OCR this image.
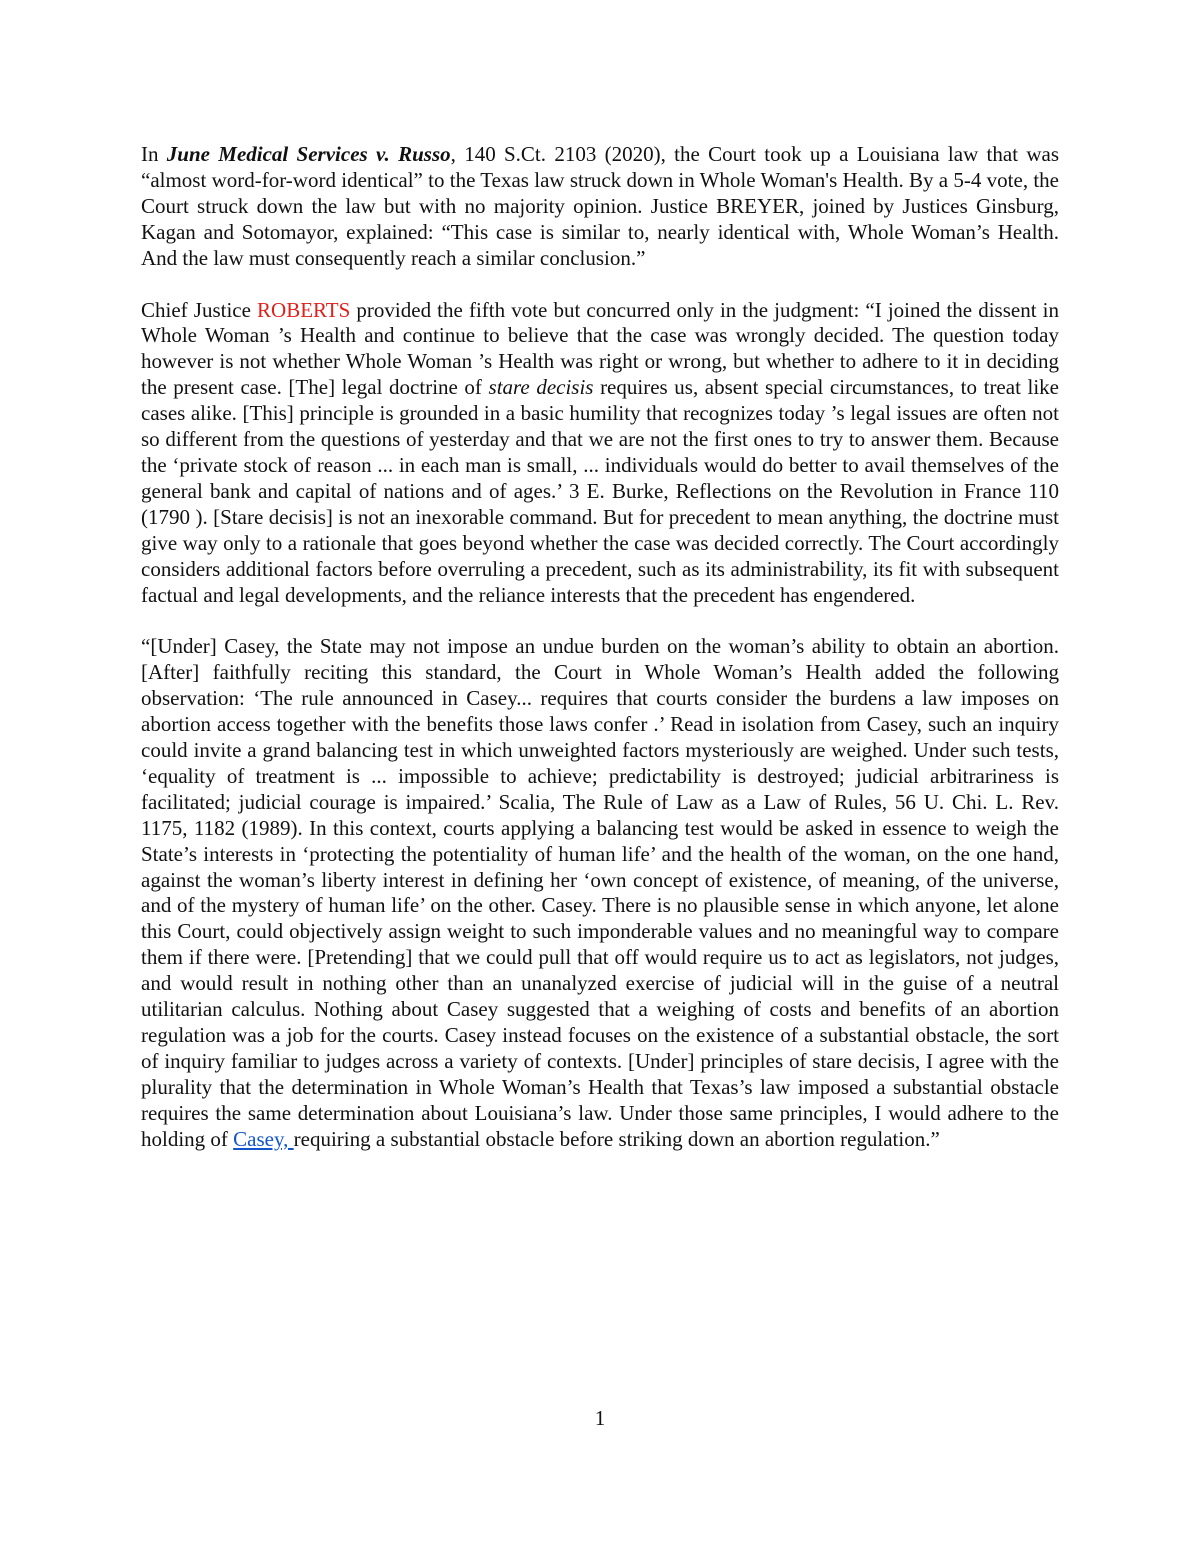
In June Medical Services v. Russo, 140 S.Ct. 2103 (2020), the Court took up a Louisiana law that was “almost word-for-word identical” to the Texas law struck down in Whole Woman's Health. By a 5-4 vote, the Court struck down the law but with no majority opinion. Justice BREYER, joined by Justices Ginsburg, Kagan and Sotomayor, explained: “This case is similar to, nearly identical with, Whole Woman’s Health. And the law must consequently reach a similar conclusion.”

Chief Justice ROBERTS provided the fifth vote but concurred only in the judgment: “I joined the dissent in Whole Woman ’s Health and continue to believe that the case was wrongly decided. The question today however is not whether Whole Woman ’s Health was right or wrong, but whether to adhere to it in deciding the present case. [The] legal doctrine of stare decisis requires us, absent special circumstances, to treat like cases alike. [This] principle is grounded in a basic humility that recognizes today ’s legal issues are often not so different from the questions of yesterday and that we are not the first ones to try to answer them. Because the ‘private stock of reason ... in each man is small, ... individuals would do better to avail themselves of the general bank and capital of nations and of ages.’ 3 E. Burke, Reflections on the Revolution in France 110 (1790 ). [Stare decisis] is not an inexorable command. But for precedent to mean anything, the doctrine must give way only to a rationale that goes beyond whether the case was decided correctly. The Court accordingly considers additional factors before overruling a precedent, such as its administrability, its fit with subsequent factual and legal developments, and the reliance interests that the precedent has engendered.

“[Under] Casey, the State may not impose an undue burden on the woman’s ability to obtain an abortion. [After] faithfully reciting this standard, the Court in Whole Woman’s Health added the following observation: ‘The rule announced in Casey... requires that courts consider the burdens a law imposes on abortion access together with the benefits those laws confer .’ Read in isolation from Casey, such an inquiry could invite a grand balancing test in which unweighted factors mysteriously are weighed. Under such tests, ‘equality of treatment is ... impossible to achieve; predictability is destroyed; judicial arbitrariness is facilitated; judicial courage is impaired.’ Scalia, The Rule of Law as a Law of Rules, 56 U. Chi. L. Rev. 1175, 1182 (1989). In this context, courts applying a balancing test would be asked in essence to weigh the State’s interests in ‘protecting the potentiality of human life’ and the health of the woman, on the one hand, against the woman’s liberty interest in defining her ‘own concept of existence, of meaning, of the universe, and of the mystery of human life’ on the other. Casey. There is no plausible sense in which anyone, let alone this Court, could objectively assign weight to such imponderable values and no meaningful way to compare them if there were. [Pretending] that we could pull that off would require us to act as legislators, not judges, and would result in nothing other than an unanalyzed exercise of judicial will in the guise of a neutral utilitarian calculus. Nothing about Casey suggested that a weighing of costs and benefits of an abortion regulation was a job for the courts. Casey instead focuses on the existence of a substantial obstacle, the sort of inquiry familiar to judges across a variety of contexts. [Under] principles of stare decisis, I agree with the plurality that the determination in Whole Woman’s Health that Texas’s law imposed a substantial obstacle requires the same determination about Louisiana’s law. Under those same principles, I would adhere to the holding of Casey, requiring a substantial obstacle before striking down an abortion regulation.”

1
